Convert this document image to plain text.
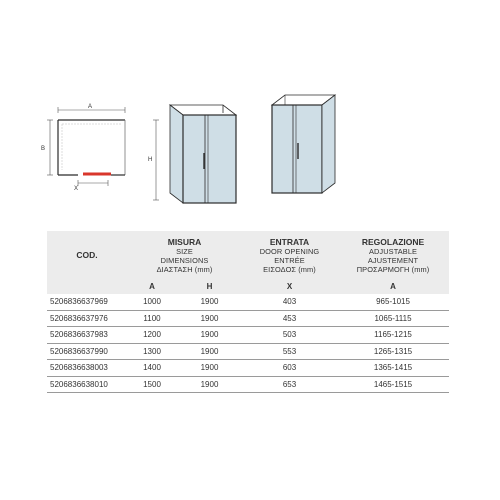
A
B
X
H
COD.	MISURA
SIZE
DIMENSIONS
ΔΙΑΣΤΑΣΗ (mm)		ENTRATA
DOOR OPENING
ENTRÉE
ΕΙΣΟΔΟΣ (mm)	REGOLAZIONE
ADJUSTABLE
AJUSTEMENT
ΠΡΟΣΑΡΜΟΓΗ (mm)

	A	H	X	A
5206836637969	1000	1900	403	965-1015
5206836637976	1100	1900	453	1065-1115
5206836637983	1200	1900	503	1165-1215
5206836637990	1300	1900	553	1265-1315
5206836638003	1400	1900	603	1365-1415
5206836638010	1500	1900	653	1465-1515
